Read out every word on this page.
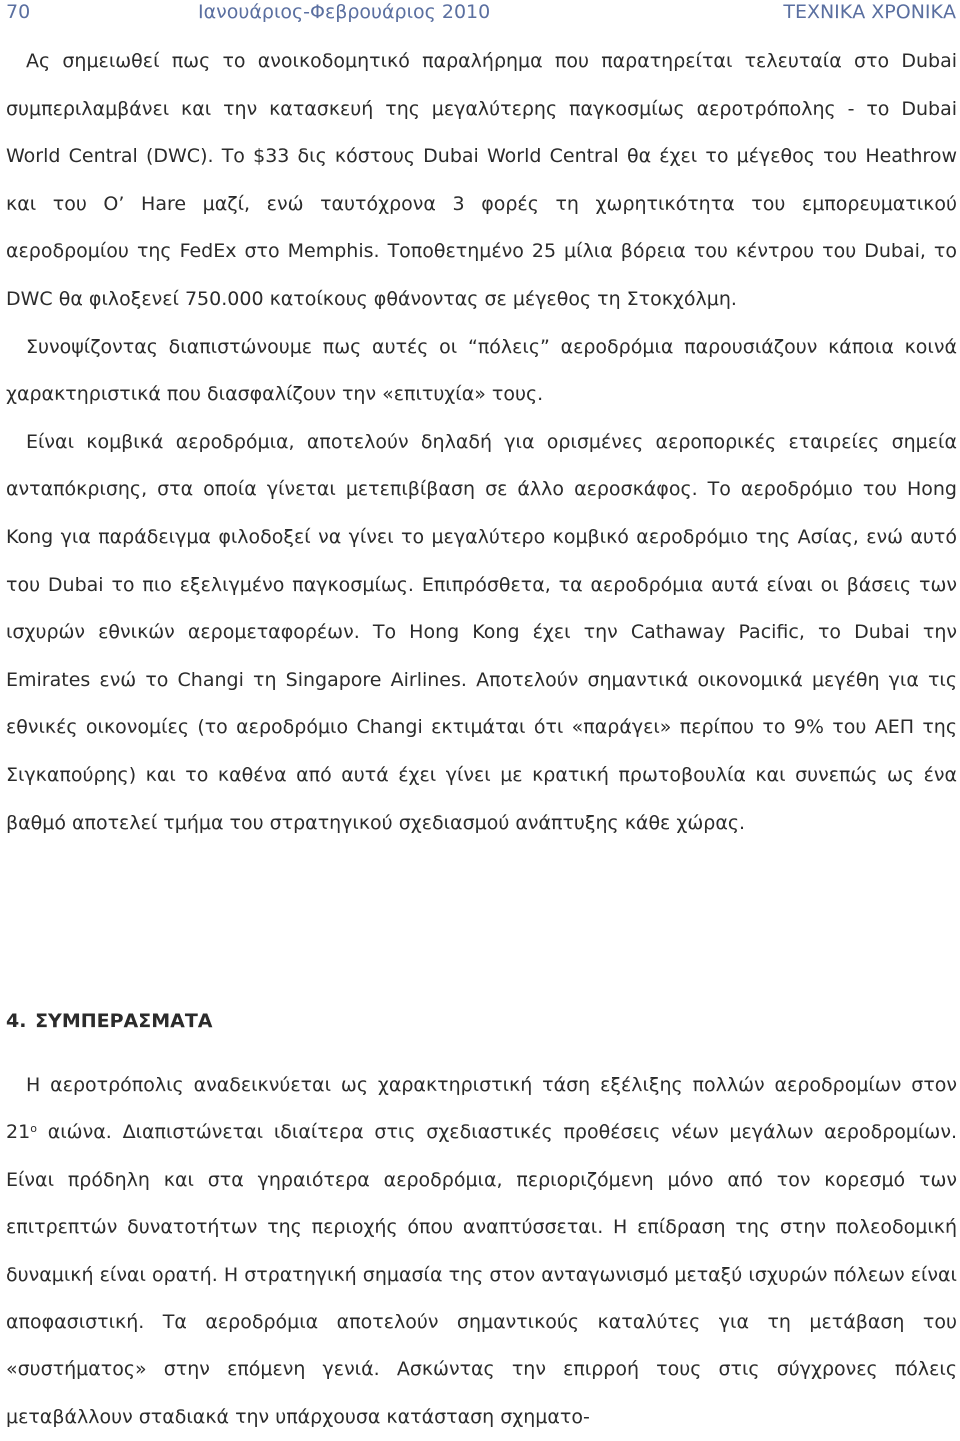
70	Ιανουάριος-Φεβρουάριος 2010	ΤΕΧΝΙΚΑ ΧΡΟΝΙΚΑ

Ας σημειωθεί πως το ανοικοδομητικό παραλήρημα που παρατηρείται τελευταία στο Dubai συμπεριλαμβάνει και την κατασκευή της μεγαλύτερης παγκοσμίως αεροτρόπολης - το Dubai World Central (DWC). Το $33 δις κόστους Dubai World Central θα έχει το μέγεθος του Heathrow και του O’ Hare μαζί, ενώ ταυτόχρονα 3 φορές τη χωρητικότητα του εμπορευματικού αεροδρομίου της FedEx στο Memphis. Τοποθετημένο 25 μίλια βόρεια του κέντρου του Dubai, το DWC θα φιλοξενεί 750.000 κατοίκους φθάνοντας σε μέγεθος τη Στοκχόλμη.

Συνοψίζοντας διαπιστώνουμε πως αυτές οι “πόλεις” αεροδρόμια παρουσιάζουν κάποια κοινά χαρακτηριστικά που διασφαλίζουν την «επιτυχία» τους.

Είναι κομβικά αεροδρόμια, αποτελούν δηλαδή για ορισμένες αεροπορικές εταιρείες σημεία ανταπόκρισης, στα οποία γίνεται μετεπιβίβαση σε άλλο αεροσκάφος. Το αεροδρόμιο του Hong Kong για παράδειγμα φιλοδοξεί να γίνει το μεγαλύτερο κομβικό αεροδρόμιο της Ασίας, ενώ αυτό του Dubai το πιο εξελιγμένο παγκοσμίως. Επιπρόσθετα, τα αεροδρόμια αυτά είναι οι βάσεις των ισχυρών εθνικών αερομεταφορέων. Το Hong Kong έχει την Cathaway Pacific, το Dubai την Emirates ενώ το Changi τη Singapore Airlines. Αποτελούν σημαντικά οικονομικά μεγέθη για τις εθνικές οικονομίες (το αεροδρόμιο Changi εκτιμάται ότι «παράγει» περίπου το 9% του ΑΕΠ της Σιγκαπούρης) και το καθένα από αυτά έχει γίνει με κρατική πρωτοβουλία και συνεπώς ως ένα βαθμό αποτελεί τμήμα του στρατηγικού σχεδιασμού ανάπτυξης κάθε χώρας.

4. ΣΥΜΠΕΡΑΣΜΑΤΑ

Η αεροτρόπολις αναδεικνύεται ως χαρακτηριστική τάση εξέλιξης πολλών αεροδρομίων στον $21^o$ αιώνα. Διαπιστώνεται ιδιαίτερα στις σχεδιαστικές προθέσεις νέων μεγάλων αεροδρομίων. Είναι πρόδηλη και στα γηραιότερα αεροδρόμια, περιοριζόμενη μόνο από τον κορεσμό των επιτρεπτών δυνατοτήτων της περιοχής όπου αναπτύσσεται. Η επίδραση της στην πολεοδομική δυναμική είναι ορατή. Η στρατηγική σημασία της στον ανταγωνισμό μεταξύ ισχυρών πόλεων είναι αποφασιστική. Τα αεροδρόμια αποτελούν σημαντικούς καταλύτες για τη μετάβαση του «συστήματος» στην επόμενη γενιά. Ασκώντας την επιρροή τους στις σύγχρονες πόλεις μεταβάλλουν σταδιακά την υπάρχουσα κατάσταση σχηματο-
